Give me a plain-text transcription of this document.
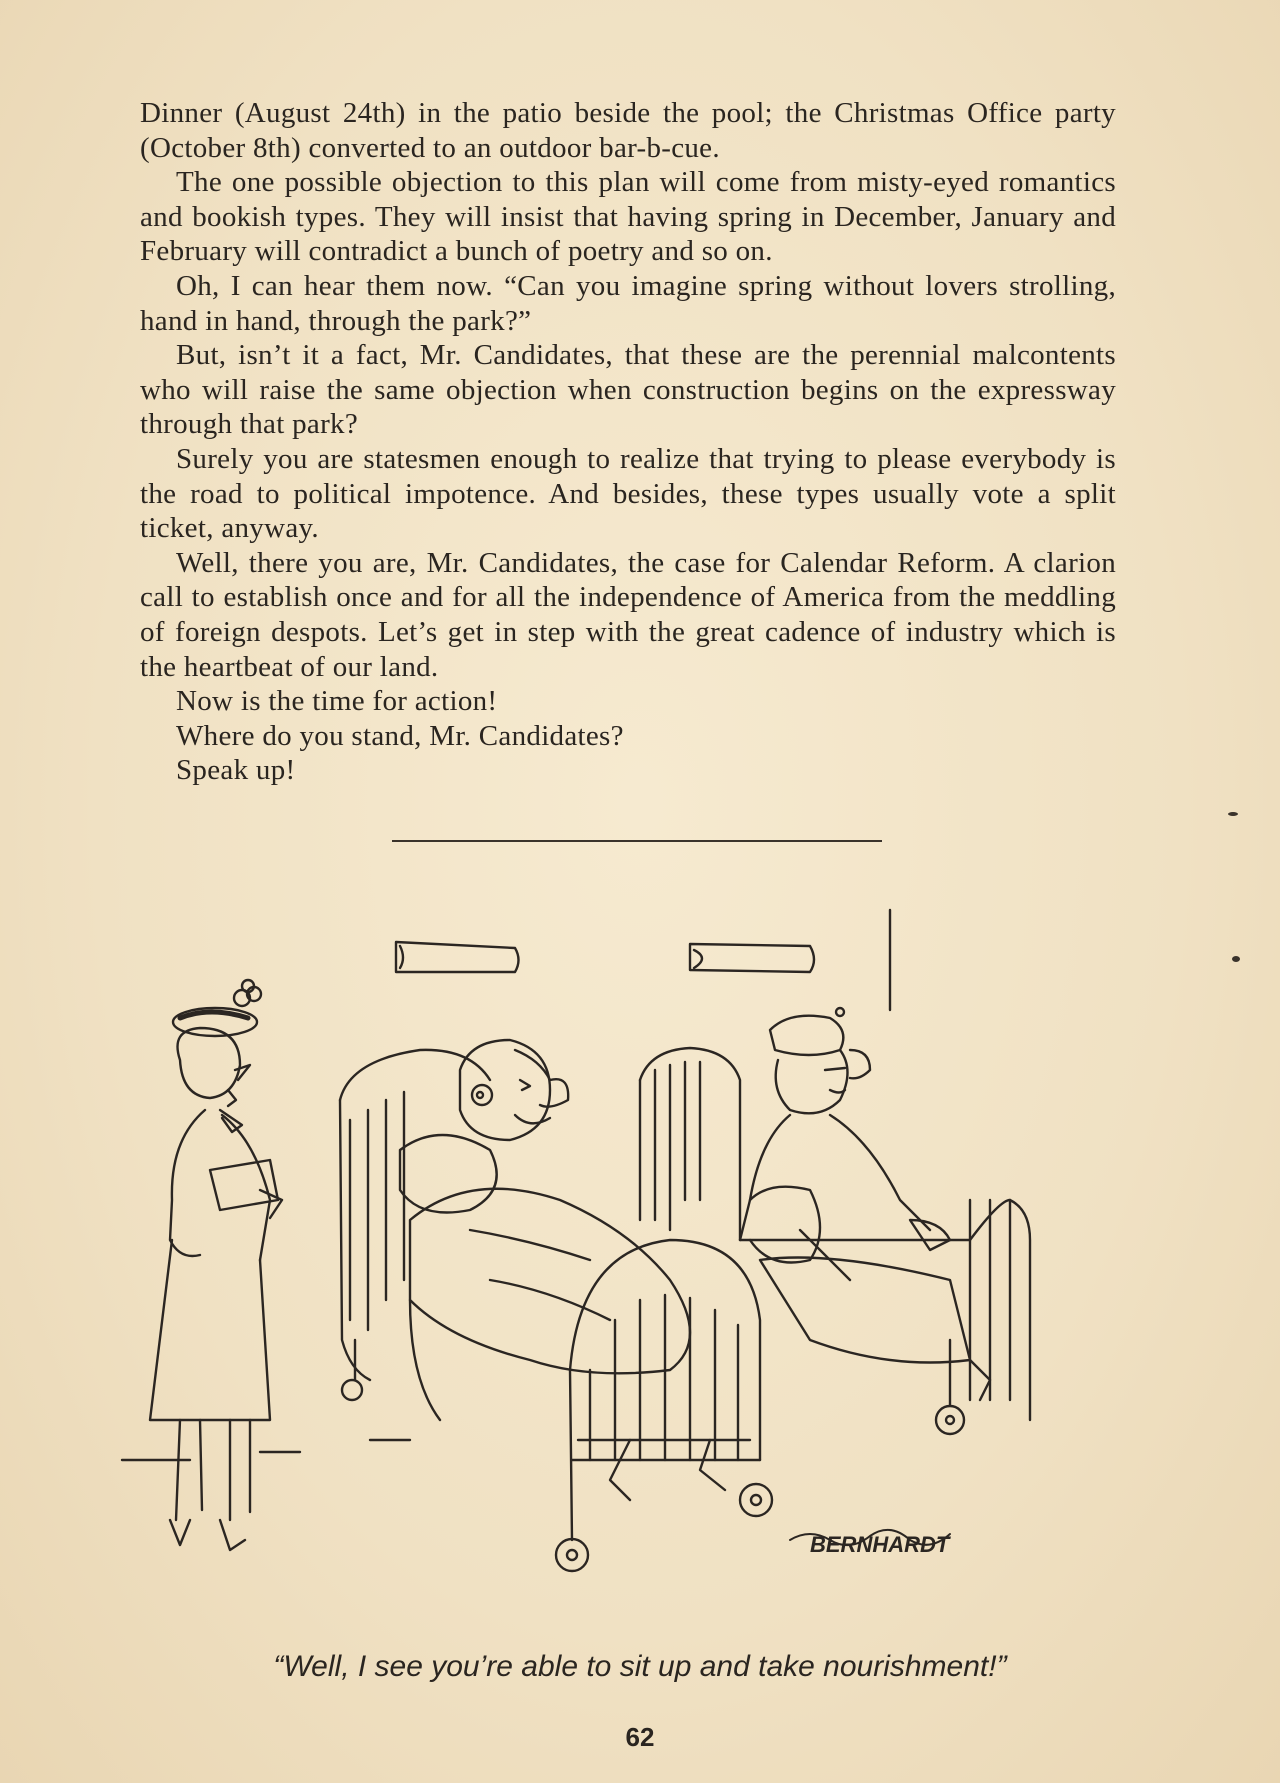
Dinner (August 24th) in the patio beside the pool; the Christmas Office party (October 8th) converted to an outdoor bar-b-cue.

The one possible objection to this plan will come from misty-eyed romantics and bookish types. They will insist that having spring in December, January and February will contradict a bunch of poetry and so on.

Oh, I can hear them now. “Can you imagine spring without lovers strolling, hand in hand, through the park?”

But, isn’t it a fact, Mr. Candidates, that these are the perennial malcontents who will raise the same objection when construction begins on the expressway through that park?

Surely you are statesmen enough to realize that trying to please everybody is the road to political impotence. And besides, these types usually vote a split ticket, anyway.

Well, there you are, Mr. Candidates, the case for Calendar Reform. A clarion call to establish once and for all the independence of America from the meddling of foreign despots. Let’s get in step with the great cadence of industry which is the heartbeat of our land.

Now is the time for action!

Where do you stand, Mr. Candidates?

Speak up!

BERNHARDT
“Well, I see you’re able to sit up and take nourishment!”
62
